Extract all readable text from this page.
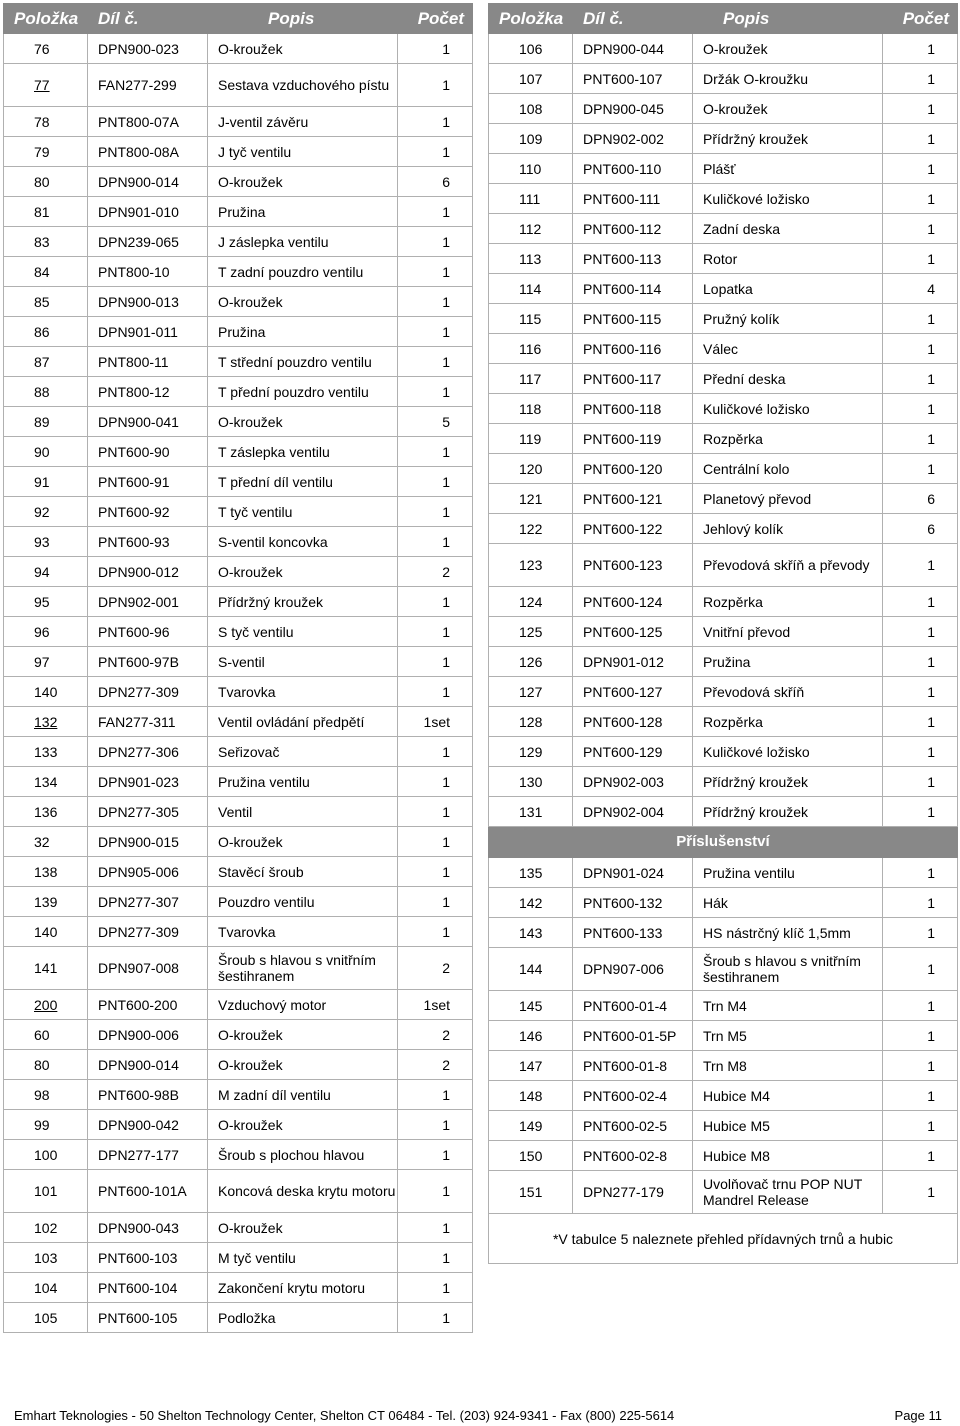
Položka	Díl č.	Popis	Počet
76	DPN900-023	O-kroužek	1
77	FAN277-299	Sestava vzduchového pístu	1
78	PNT800-07A	J-ventil závěru	1
79	PNT800-08A	J tyč ventilu	1
80	DPN900-014	O-kroužek	6
81	DPN901-010	Pružina	1
83	DPN239-065	J záslepka ventilu	1
84	PNT800-10	T zadní pouzdro ventilu	1
85	DPN900-013	O-kroužek	1
86	DPN901-011	Pružina	1
87	PNT800-11	T střední pouzdro ventilu	1
88	PNT800-12	T přední pouzdro ventilu	1
89	DPN900-041	O-kroužek	5
90	PNT600-90	T záslepka ventilu	1
91	PNT600-91	T přední díl ventilu	1
92	PNT600-92	T tyč ventilu	1
93	PNT600-93	S-ventil koncovka	1
94	DPN900-012	O-kroužek	2
95	DPN902-001	Přídržný kroužek	1
96	PNT600-96	S tyč ventilu	1
97	PNT600-97B	S-ventil	1
140	DPN277-309	Tvarovka	1
132	FAN277-311	Ventil ovládání předpětí	1set
133	DPN277-306	Seřizovač	1
134	DPN901-023	Pružina ventilu	1
136	DPN277-305	Ventil	1
32	DPN900-015	O-kroužek	1
138	DPN905-006	Stavěcí šroub	1
139	DPN277-307	Pouzdro ventilu	1
140	DPN277-309	Tvarovka	1
141	DPN907-008	Šroub s hlavou s vnitřním šestihranem	2
200	PNT600-200	Vzduchový motor	1set
60	DPN900-006	O-kroužek	2
80	DPN900-014	O-kroužek	2
98	PNT600-98B	M zadní díl ventilu	1
99	DPN900-042	O-kroužek	1
100	DPN277-177	Šroub s plochou hlavou	1
101	PNT600-101A	Koncová deska krytu motoru	1
102	DPN900-043	O-kroužek	1
103	PNT600-103	M tyč ventilu	1
104	PNT600-104	Zakončení krytu motoru	1
105	PNT600-105	Podložka	1
Položka	Díl č.	Popis	Počet
106	DPN900-044	O-kroužek	1
107	PNT600-107	Držák O-kroužku	1
108	DPN900-045	O-kroužek	1
109	DPN902-002	Přídržný kroužek	1
110	PNT600-110	Plášť	1
111	PNT600-111	Kuličkové ložisko	1
112	PNT600-112	Zadní deska	1
113	PNT600-113	Rotor	1
114	PNT600-114	Lopatka	4
115	PNT600-115	Pružný kolík	1
116	PNT600-116	Válec	1
117	PNT600-117	Přední deska	1
118	PNT600-118	Kuličkové ložisko	1
119	PNT600-119	Rozpěrka	1
120	PNT600-120	Centrální kolo	1
121	PNT600-121	Planetový převod	6
122	PNT600-122	Jehlový kolík	6
123	PNT600-123	Převodová skříň a převody	1
124	PNT600-124	Rozpěrka	1
125	PNT600-125	Vnitřní převod	1
126	DPN901-012	Pružina	1
127	PNT600-127	Převodová skříň	1
128	PNT600-128	Rozpěrka	1
129	PNT600-129	Kuličkové ložisko	1
130	DPN902-003	Přídržný kroužek	1
131	DPN902-004	Přídržný kroužek	1
Příslušenství			
135	DPN901-024	Pružina ventilu	1
142	PNT600-132	Hák	1
143	PNT600-133	HS nástrčný klíč 1,5mm	1
144	DPN907-006	Šroub s hlavou s vnitřním šestihranem	1
145	PNT600-01-4	Trn M4	1
146	PNT600-01-5P	Trn M5	1
147	PNT600-01-8	Trn M8	1
148	PNT600-02-4	Hubice M4	1
149	PNT600-02-5	Hubice M5	1
150	PNT600-02-8	Hubice M8	1
151	DPN277-179	Uvolňovač trnu POP NUT Mandrel Release	1
*V tabulce 5 naleznete přehled přídavných trnů a hubic			
Emhart Teknologies - 50 Shelton Technology Center, Shelton CT 06484 - Tel. (203) 924-9341 - Fax (800) 225-5614	Page 11
